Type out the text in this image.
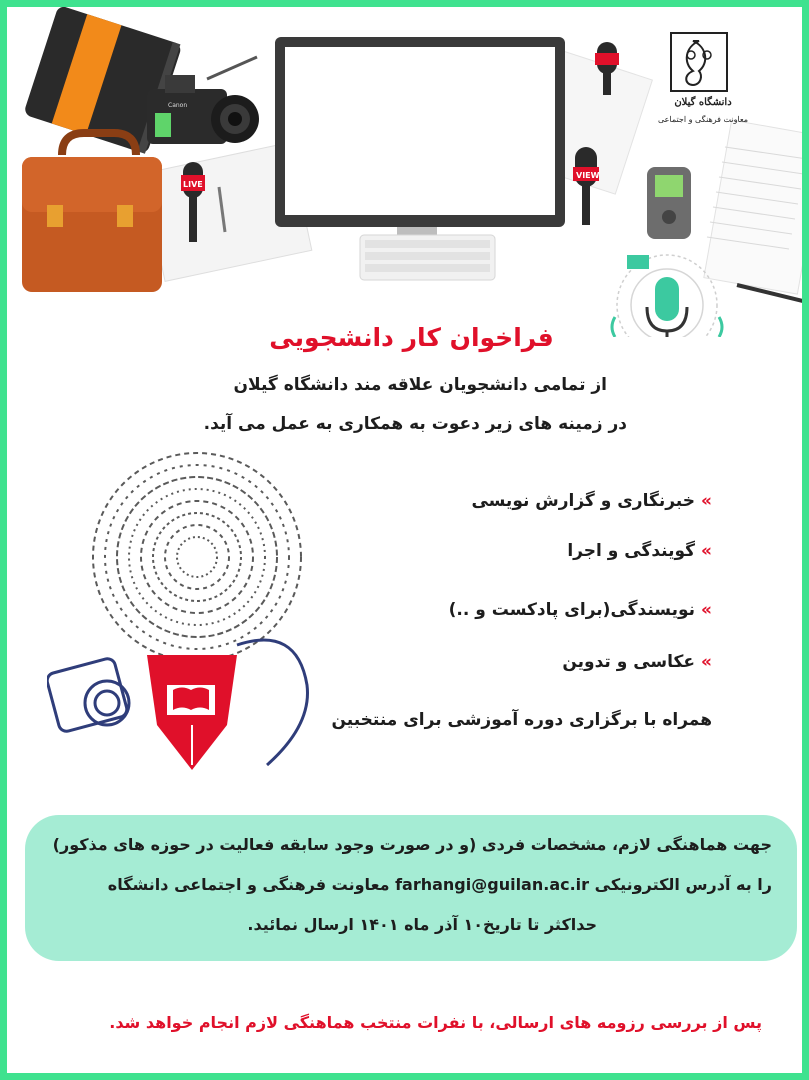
Canon
LIVE
VIEW
دانشگاه گیلان
معاونت فرهنگی و اجتماعی
فراخوان کار دانشجویی
از تمامی دانشجویان علاقه مند دانشگاه گیلان
در زمینه های زیر دعوت به همکاری به عمل می آید.
»خبرنگاری و گزارش نویسی
»گویندگی و اجرا
»نویسندگی(برای پادکست و ..)
»عکاسی و تدوین
همراه با برگزاری دوره آموزشی برای منتخبین
جهت هماهنگی لازم، مشخصات فردی (و در صورت وجود سابقه فعالیت در حوزه های مذکور)
را به آدرس الکترونیکی farhangi@guilan.ac.ir معاونت فرهنگی و اجتماعی دانشگاه
حداکثر تا تاریخ۱۰ آذر ماه ۱۴۰۱ ارسال نمائید.
پس از بررسی رزومه های ارسالی، با نفرات منتخب هماهنگی لازم انجام خواهد شد.
